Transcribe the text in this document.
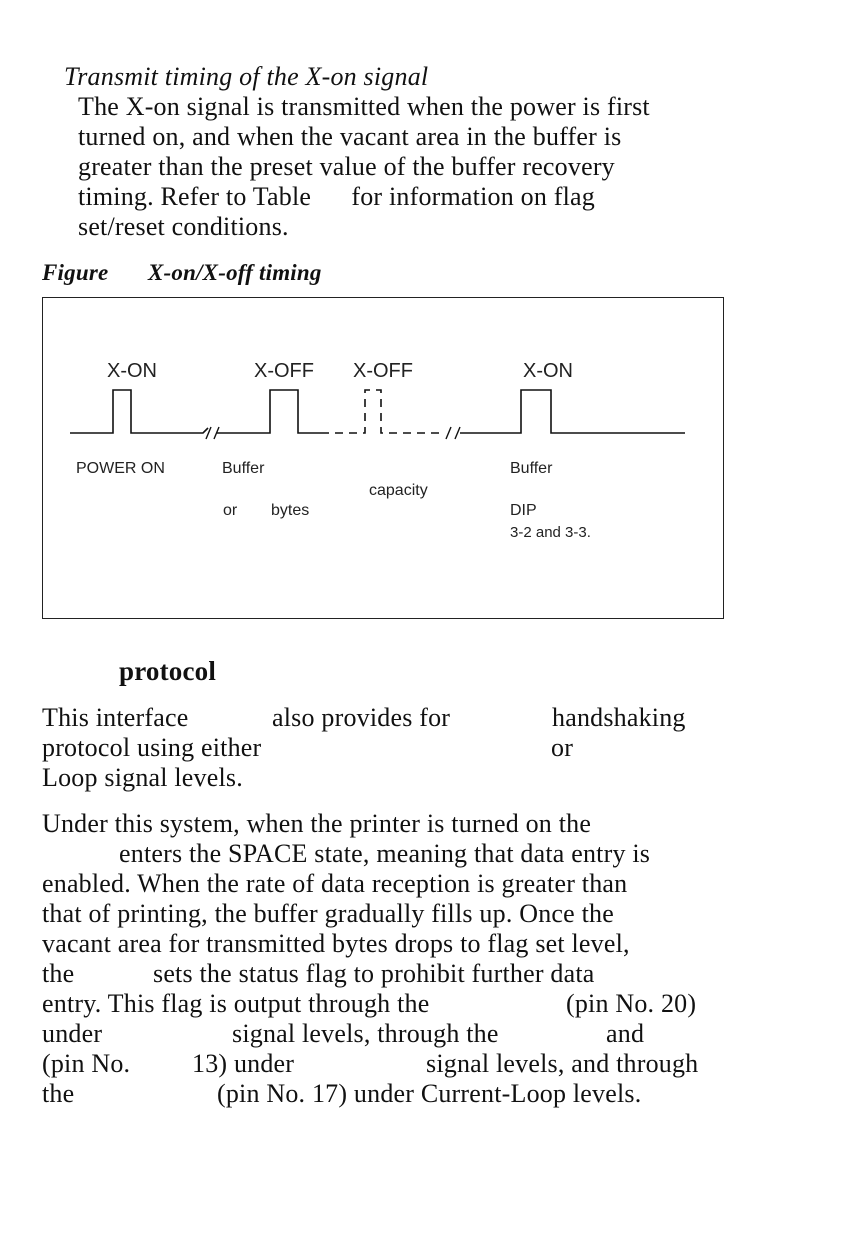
Transmit timing of the X-on signal
The X-on signal is transmitted when the power is first
turned on, and when the vacant area in the buffer is
greater than the preset value of the buffer recovery
timing. Refer to Table      for information on flag
set/reset conditions.
Figure X-on/X-off timing
X-ON	X-OFF X-OFF	X-ON
POWER ON	Buffer
capacity
or bytes
Buffer
DIP
3-2 and 3-3.
protocol
This interface	also provides for	handshaking
protocol using either	or
Loop signal levels.
Under this system, when the printer is turned on the
enters the SPACE state, meaning that data entry is
enabled. When the rate of data reception is greater than
that of printing, the buffer gradually fills up. Once the
vacant area for transmitted bytes drops to flag set level,
the	sets the status flag to prohibit further data
entry. This flag is output through the	(pin No. 20)
under	signal levels, through the	and
(pin No. 13) under	signal levels, and through
the	(pin No. 17) under Current-Loop levels.
